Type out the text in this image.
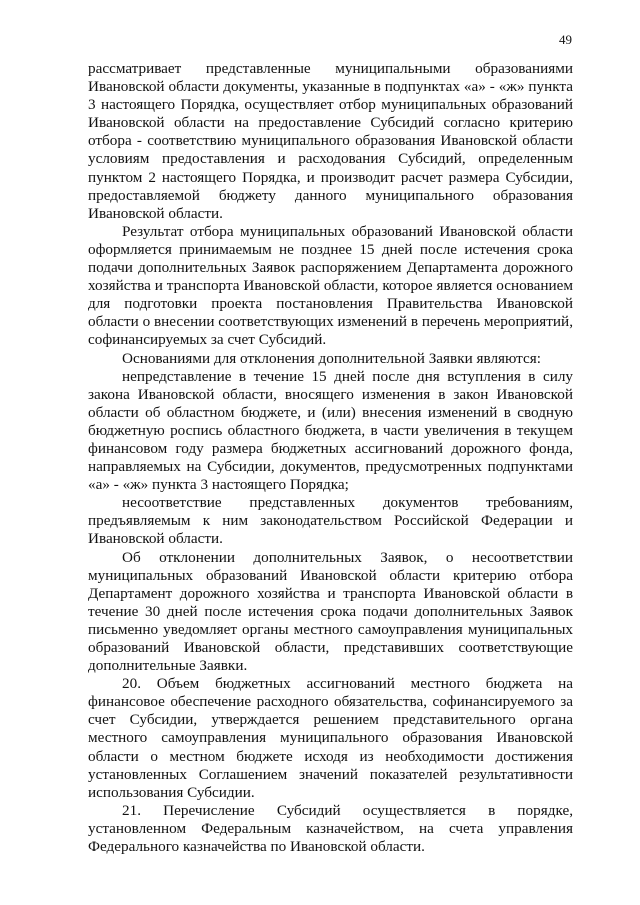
49

рассматривает представленные муниципальными образованиями Ивановской области документы, указанные в подпунктах «а» - «ж» пункта 3 настоящего Порядка, осуществляет отбор муниципальных образований Ивановской области на предоставление Субсидий согласно критерию отбора - соответствию муниципального образования Ивановской области условиям предоставления и расходования Субсидий, определенным пунктом 2 настоящего Порядка, и производит расчет размера Субсидии, предоставляемой бюджету данного муниципального образования Ивановской области.

Результат отбора муниципальных образований Ивановской области оформляется принимаемым не позднее 15 дней после истечения срока подачи дополнительных Заявок распоряжением Департамента дорожного хозяйства и транспорта Ивановской области, которое является основанием для подготовки проекта постановления Правительства Ивановской области о внесении соответствующих изменений в перечень мероприятий, софинансируемых за счет Субсидий.

Основаниями для отклонения дополнительной Заявки являются:

непредставление в течение 15 дней после дня вступления в силу закона Ивановской области, вносящего изменения в закон Ивановской области об областном бюджете, и (или) внесения изменений в сводную бюджетную роспись областного бюджета, в части увеличения в текущем финансовом году размера бюджетных ассигнований дорожного фонда, направляемых на Субсидии, документов, предусмотренных подпунктами «а» - «ж» пункта 3 настоящего Порядка;

несоответствие представленных документов требованиям, предъявляемым к ним законодательством Российской Федерации и Ивановской области.

Об отклонении дополнительных Заявок, о несоответствии муниципальных образований Ивановской области критерию отбора Департамент дорожного хозяйства и транспорта Ивановской области в течение 30 дней после истечения срока подачи дополнительных Заявок письменно уведомляет органы местного самоуправления муниципальных образований Ивановской области, представивших соответствующие дополнительные Заявки.

20. Объем бюджетных ассигнований местного бюджета на финансовое обеспечение расходного обязательства, софинансируемого за счет Субсидии, утверждается решением представительного органа местного самоуправления муниципального образования Ивановской области о местном бюджете исходя из необходимости достижения установленных Соглашением значений показателей результативности использования Субсидии.

21. Перечисление Субсидий осуществляется в порядке, установленном Федеральным казначейством, на счета управления Федерального казначейства по Ивановской области.
